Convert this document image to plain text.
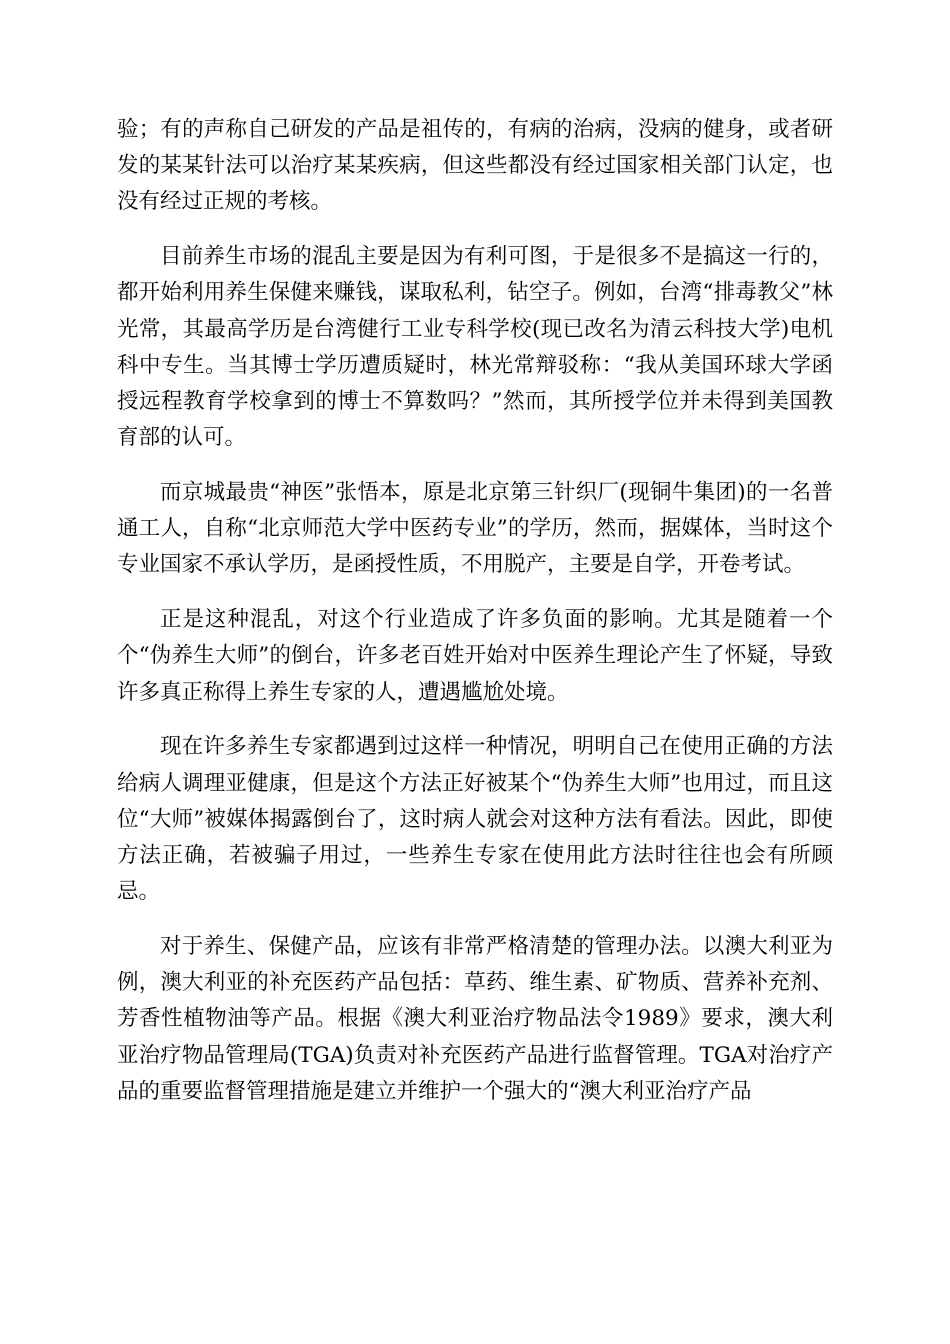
验；有的声称自己研发的产品是祖传的，有病的治病，没病的健身，或者研发的某某针法可以治疗某某疾病，但这些都没有经过国家相关部门认定，也没有经过正规的考核。

目前养生市场的混乱主要是因为有利可图，于是很多不是搞这一行的，都开始利用养生保健来赚钱，谋取私利，钻空子。例如，台湾“排毒教父”林光常，其最高学历是台湾健行工业专科学校(现已改名为清云科技大学)电机科中专生。当其博士学历遭质疑时，林光常辩驳称：“我从美国环球大学函授远程教育学校拿到的博士不算数吗？”然而，其所授学位并未得到美国教育部的认可。

而京城最贵“神医”张悟本，原是北京第三针织厂(现铜牛集团)的一名普通工人，自称“北京师范大学中医药专业”的学历，然而，据媒体，当时这个专业国家不承认学历，是函授性质，不用脱产，主要是自学，开卷考试。

正是这种混乱，对这个行业造成了许多负面的影响。尤其是随着一个个“伪养生大师”的倒台，许多老百姓开始对中医养生理论产生了怀疑，导致许多真正称得上养生专家的人，遭遇尴尬处境。

现在许多养生专家都遇到过这样一种情况，明明自己在使用正确的方法给病人调理亚健康，但是这个方法正好被某个“伪养生大师”也用过，而且这位“大师”被媒体揭露倒台了，这时病人就会对这种方法有看法。因此，即使方法正确，若被骗子用过，一些养生专家在使用此方法时往往也会有所顾忌。

对于养生、保健产品，应该有非常严格清楚的管理办法。以澳大利亚为例，澳大利亚的补充医药产品包括：草药、维生素、矿物质、营养补充剂、芳香性植物油等产品。根据《澳大利亚治疗物品法令1989》要求，澳大利亚治疗物品管理局(TGA)负责对补充医药产品进行监督管理。TGA对治疗产品的重要监督管理措施是建立并维护一个强大的“澳大利亚治疗产品
